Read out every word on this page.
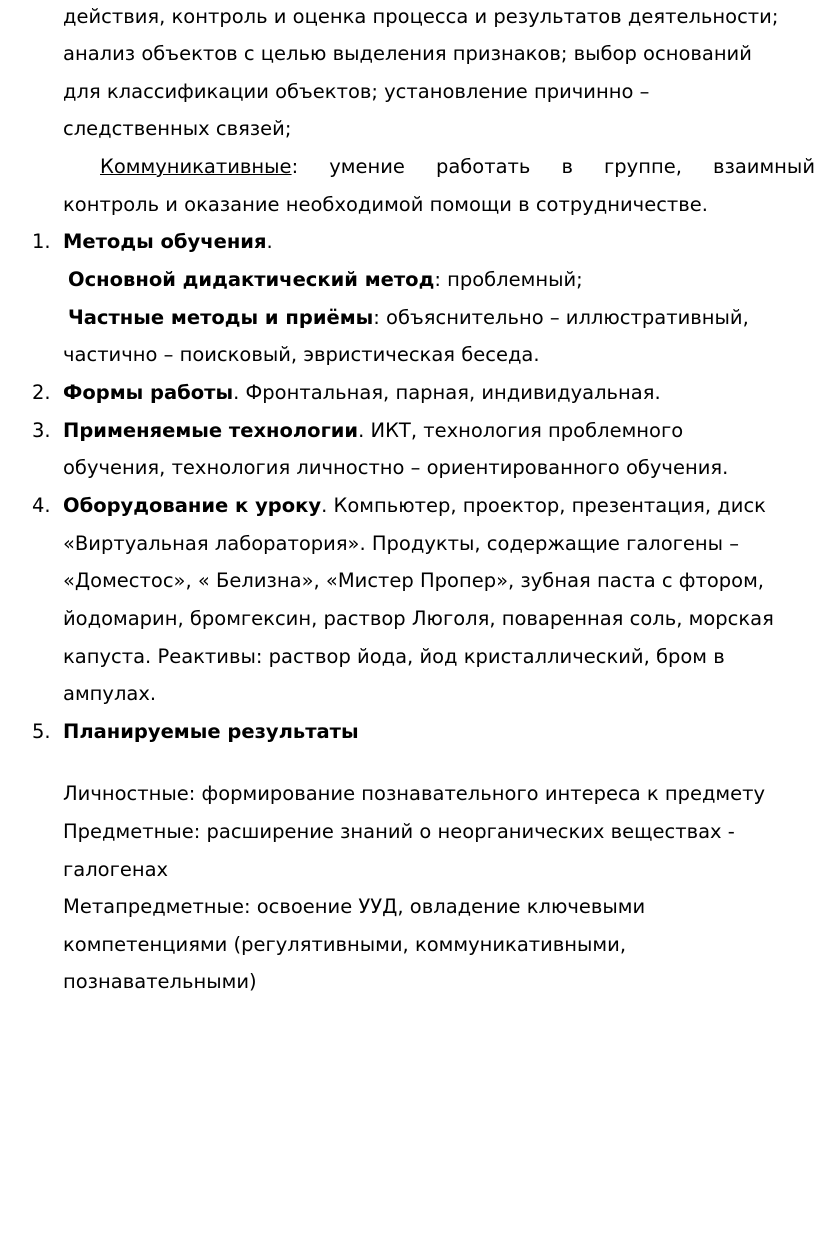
действия, контроль и оценка процесса и результатов деятельности;
анализ объектов с целью выделения признаков; выбор оснований
для классификации объектов; установление причинно –
следственных связей;
Коммуникативные: умение работать в группе, взаимный
контроль и оказание необходимой помощи в сотрудничестве.
1. Методы обучения.
Основной дидактический метод: проблемный;
Частные методы и приёмы: объяснительно – иллюстративный,
частично – поисковый, эвристическая беседа.
2. Формы работы. Фронтальная, парная, индивидуальная.
3. Применяемые технологии. ИКТ, технология проблемного
обучения, технология личностно – ориентированного обучения.
4. Оборудование к уроку. Компьютер, проектор, презентация, диск
«Виртуальная лаборатория». Продукты, содержащие галогены –
«Доместос», « Белизна», «Мистер Пропер», зубная паста с фтором,
йодомарин, бромгексин, раствор Люголя, поваренная соль, морская
капуста. Реактивы: раствор йода, йод кристаллический, бром в
ампулах.
5. Планируемые результаты
Личностные: формирование познавательного интереса к предмету
Предметные: расширение знаний о неорганических веществах -
галогенах
Метапредметные: освоение УУД, овладение ключевыми
компетенциями (регулятивными, коммуникативными,
познавательными)
